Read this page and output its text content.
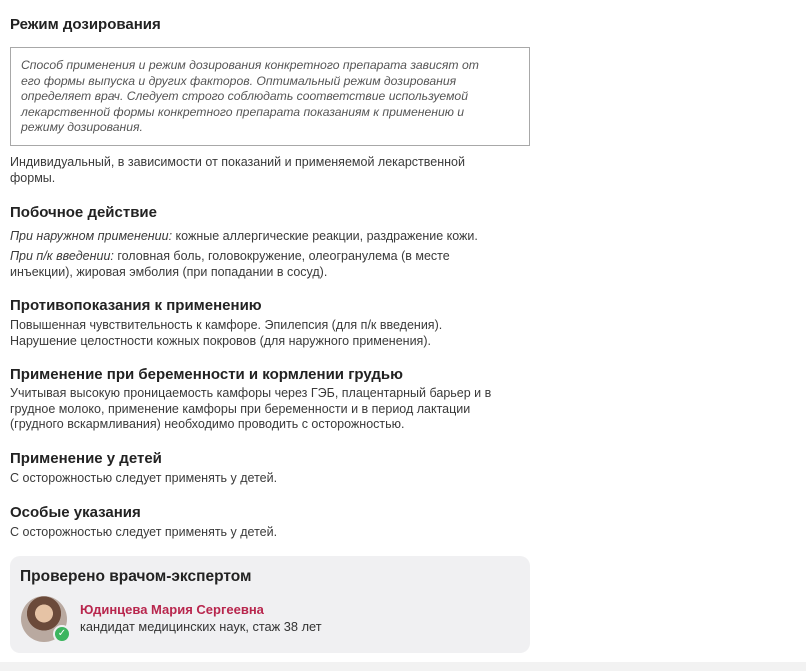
Режим дозирования
Способ применения и режим дозирования конкретного препарата зависят от
его формы выпуска и других факторов. Оптимальный режим дозирования
определяет врач. Следует строго соблюдать соответствие используемой
лекарственной формы конкретного препарата показаниям к применению и
режиму дозирования.

Индивидуальный, в зависимости от показаний и применяемой лекарственной

формы.

Побочное действие

При наружном применении: кожные аллергические реакции, раздражение кожи.

При п/к введении: головная боль, головокружение, олеогранулема (в месте

инъекции), жировая эмболия (при попадании в сосуд).

Противопоказания к применению

Повышенная чувствительность к камфоре. Эпилепсия (для п/к введения).

Нарушение целостности кожных покровов (для наружного применения).

Применение при беременности и кормлении грудью

Учитывая высокую проницаемость камфоры через ГЭБ, плацентарный барьер и в

грудное молоко, применение камфоры при беременности и в период лактации

(грудного вскармливания) необходимо проводить с осторожностью.

Применение у детей

С осторожностью следует применять у детей.

Особые указания

С осторожностью следует применять у детей.

Проверено врачом-экспертом
✓
Юдинцева Мария Сергеевна
кандидат медицинских наук, стаж 38 лет
